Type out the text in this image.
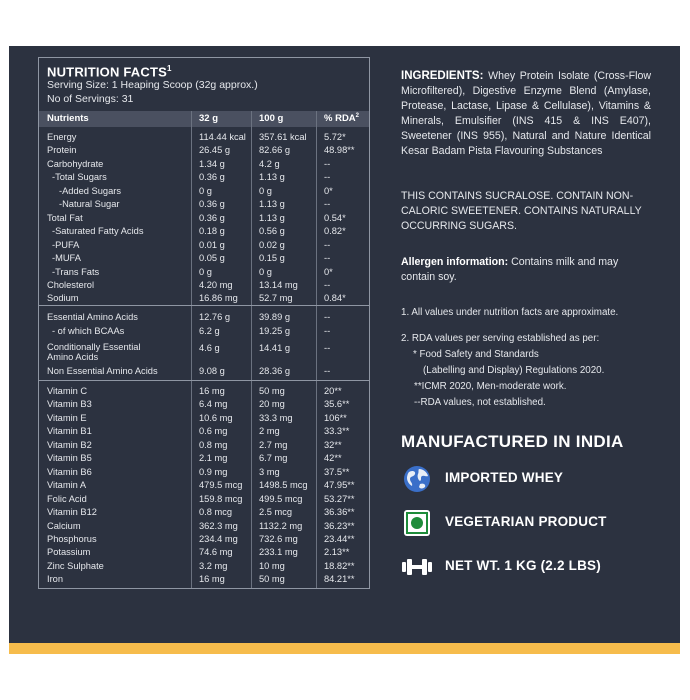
NUTRITION FACTS$^1$
Serving Size: 1 Heaping Scoop (32g approx.)
No of Servings: 31
Nutrients	32 g	100 g	% RDA$^2$
Energy	114.44 kcal 357.61 kcal 5.72*
Protein	26.45 g	82.66 g	48.98**
Carbohydrate	1.34 g	4.2 g	--
-Total Sugars	0.36 g	1.13 g	--
-Added Sugars	0 g	0 g	0*
-Natural Sugar	0.36 g	1.13 g	--
Total Fat	0.36 g	1.13 g	0.54*
-Saturated Fatty Acids	0.18 g	0.56 g	0.82*
-PUFA	0.01 g	0.02 g	--
-MUFA	0.05 g	0.15 g	--
-Trans Fats	0 g	0 g	0*
Cholesterol	4.20 mg	13.14 mg	--
Sodium	16.86 mg 52.7 mg	0.84*
Essential Amino Acids	12.76 g	39.89 g	--
- of which BCAAs	6.2 g	19.25 g	--
Conditionally Essential
Amino Acids
4.6 g	14.41 g	--
Non Essential Amino Acids	9.08 g	28.36 g	--
Vitamin C	16 mg	50 mg	20**
Vitamin B3	6.4 mg	20 mg	35.6**
Vitamin E	10.6 mg	33.3 mg	106**
Vitamin B1	0.6 mg	2 mg	33.3**
Vitamin B2	0.8 mg	2.7 mg	32**
Vitamin B5	2.1 mg	6.7 mg	42**
Vitamin B6	0.9 mg	3 mg	37.5**
Vitamin A	479.5 mcg 1498.5 mcg 47.95**
Folic Acid	159.8 mcg 499.5 mcg 53.27**
Vitamin B12	0.8 mcg	2.5 mcg	36.36**
Calcium	362.3 mg 1132.2 mg 36.23**
Phosphorus	234.4 mg 732.6 mg	23.44**
Potassium	74.6 mg	233.1 mg	2.13**
Zinc Sulphate	3.2 mg	10 mg	18.82**
Iron	16 mg	50 mg	84.21**
INGREDIENTS: Whey Protein Isolate (Cross-Flow Microfiltered), Digestive Enzyme Blend (Amylase, Protease, Lactase, Lipase & Cellulase), Vitamins & Minerals, Emulsifier (INS 415 & INS E407), Sweetener (INS 955), Natural and Nature Identical Kesar Badam Pista Flavouring Substances
THIS CONTAINS SUCRALOSE. CONTAIN NON-CALORIC SWEETENER. CONTAINS NATURALLY OCCURRING SUGARS.
Allergen information: Contains milk and may contain soy.
1. All values under nutrition facts are approximate.
2. RDA values per serving established as per:
* Food Safety and Standards
(Labelling and Display) Regulations 2020.
**ICMR 2020, Men-moderate work.
--RDA values, not established.
MANUFACTURED IN INDIA
IMPORTED WHEY
VEGETARIAN PRODUCT
NET WT. 1 KG (2.2 LBS)
